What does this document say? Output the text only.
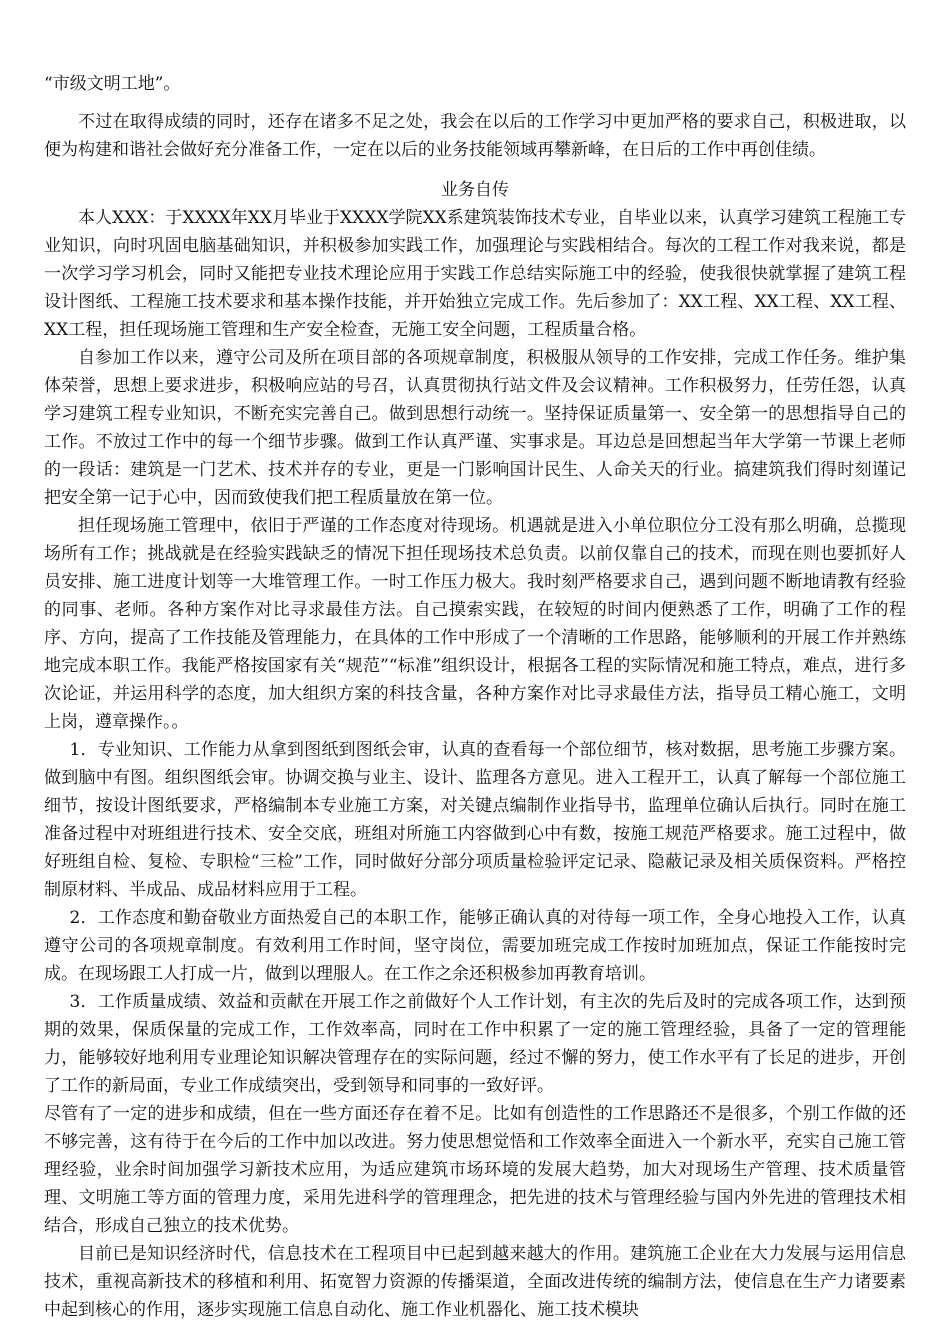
“市级文明工地”。

不过在取得成绩的同时，还存在诸多不足之处，我会在以后的工作学习中更加严格的要求自己，积极进取，以便为构建和谐社会做好充分准备工作，一定在以后的业务技能领域再攀新峰，在日后的工作中再创佳绩。

业务自传

本人XXX：于XXXX年XX月毕业于XXXX学院XX系建筑装饰技术专业，自毕业以来，认真学习建筑工程施工专业知识，向时巩固电脑基础知识，并积极参加实践工作，加强理论与实践相结合。每次的工程工作对我来说，都是一次学习学习机会，同时又能把专业技术理论应用于实践工作总结实际施工中的经验，使我很快就掌握了建筑工程设计图纸、工程施工技术要求和基本操作技能，并开始独立完成工作。先后参加了：XX工程、XX工程、XX工程、XX工程，担任现场施工管理和生产安全检查，无施工安全问题，工程质量合格。

自参加工作以来，遵守公司及所在项目部的各项规章制度，积极服从领导的工作安排，完成工作任务。维护集体荣誉，思想上要求进步，积极响应站的号召，认真贯彻执行站文件及会议精神。工作积极努力，任劳任怨，认真学习建筑工程专业知识，不断充实完善自己。做到思想行动统一。坚持保证质量第一、安全第一的思想指导自己的工作。不放过工作中的每一个细节步骤。做到工作认真严谨、实事求是。耳边总是回想起当年大学第一节课上老师的一段话：建筑是一门艺术、技术并存的专业，更是一门影响国计民生、人命关天的行业。搞建筑我们得时刻谨记把安全第一记于心中，因而致使我们把工程质量放在第一位。

担任现场施工管理中，依旧于严谨的工作态度对待现场。机遇就是进入小单位职位分工没有那么明确，总揽现场所有工作；挑战就是在经验实践缺乏的情况下担任现场技术总负责。以前仅靠自己的技术，而现在则也要抓好人员安排、施工进度计划等一大堆管理工作。一时工作压力极大。我时刻严格要求自己，遇到问题不断地请教有经验的同事、老师。各种方案作对比寻求最佳方法。自己摸索实践，在较短的时间内便熟悉了工作，明确了工作的程序、方向，提高了工作技能及管理能力，在具体的工作中形成了一个清晰的工作思路，能够顺利的开展工作并熟练地完成本职工作。我能严格按国家有关“规范”“标准”组织设计，根据各工程的实际情况和施工特点，难点，进行多次论证，并运用科学的态度，加大组织方案的科技含量，各种方案作对比寻求最佳方法，指导员工精心施工，文明上岗，遵章操作。。

1．专业知识、工作能力从拿到图纸到图纸会审，认真的查看每一个部位细节，核对数据，思考施工步骤方案。做到脑中有图。组织图纸会审。协调交换与业主、设计、监理各方意见。进入工程开工，认真了解每一个部位施工细节，按设计图纸要求，严格编制本专业施工方案，对关键点编制作业指导书，监理单位确认后执行。同时在施工准备过程中对班组进行技术、安全交底，班组对所施工内容做到心中有数，按施工规范严格要求。施工过程中，做好班组自检、复检、专职检“三检”工作，同时做好分部分项质量检验评定记录、隐蔽记录及相关质保资料。严格控制原材料、半成品、成品材料应用于工程。

2．工作态度和勤奋敬业方面热爱自己的本职工作，能够正确认真的对待每一项工作，全身心地投入工作，认真遵守公司的各项规章制度。有效利用工作时间，坚守岗位，需要加班完成工作按时加班加点，保证工作能按时完成。在现场跟工人打成一片，做到以理服人。在工作之余还积极参加再教育培训。

3．工作质量成绩、效益和贡献在开展工作之前做好个人工作计划，有主次的先后及时的完成各项工作，达到预期的效果，保质保量的完成工作，工作效率高，同时在工作中积累了一定的施工管理经验，具备了一定的管理能力，能够较好地利用专业理论知识解决管理存在的实际问题，经过不懈的努力，使工作水平有了长足的进步，开创了工作的新局面，专业工作成绩突出，受到领导和同事的一致好评。

尽管有了一定的进步和成绩，但在一些方面还存在着不足。比如有创造性的工作思路还不是很多，个别工作做的还不够完善，这有待于在今后的工作中加以改进。努力使思想觉悟和工作效率全面进入一个新水平，充实自己施工管理经验，业余时间加强学习新技术应用，为适应建筑市场环境的发展大趋势，加大对现场生产管理、技术质量管理、文明施工等方面的管理力度，采用先进科学的管理理念，把先进的技术与管理经验与国内外先进的管理技术相结合，形成自己独立的技术优势。

目前已是知识经济时代，信息技术在工程项目中已起到越来越大的作用。建筑施工企业在大力发展与运用信息技术，重视高新技术的移植和利用、拓宽智力资源的传播渠道，全面改进传统的编制方法，使信息在生产力诸要素中起到核心的作用，逐步实现施工信息自动化、施工作业机器化、施工技术模块
